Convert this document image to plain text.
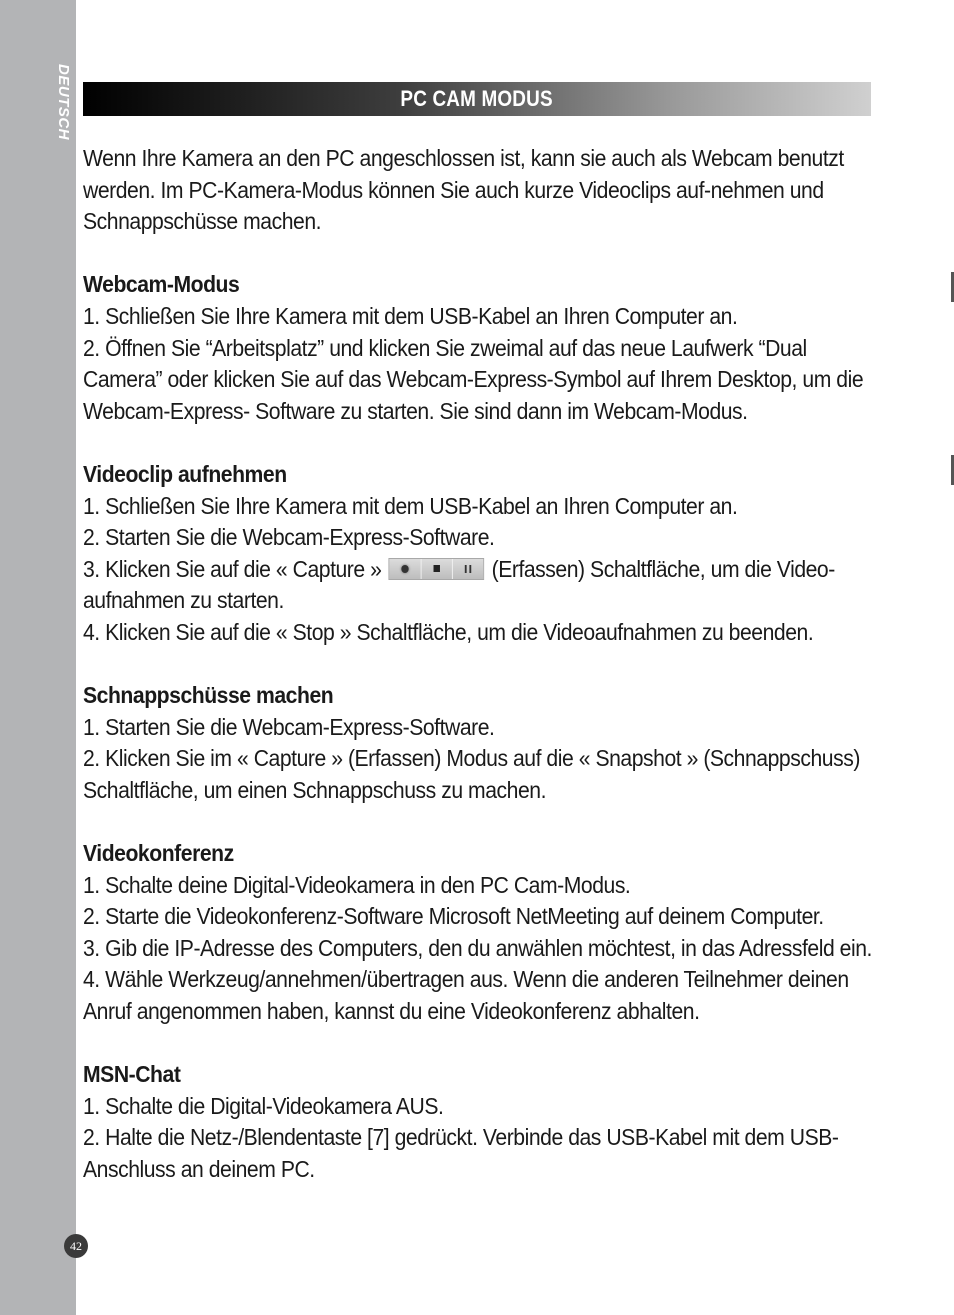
DEUTSCH
42
PC CAM MODUS

Wenn Ihre Kamera an den PC angeschlossen ist, kann sie auch als Webcam benutzt werden. Im PC-Kamera-Modus können Sie auch kurze Videoclips auf-nehmen und Schnappschüsse machen.

Webcam-Modus

1. Schließen Sie Ihre Kamera mit dem USB-Kabel an Ihren Computer an.

2. Öffnen Sie “Arbeitsplatz” und klicken Sie zweimal auf das neue Laufwerk “Dual Camera” oder klicken Sie auf das Webcam-Express-Symbol auf Ihrem Desktop, um die Webcam-Express- Software zu starten. Sie sind dann im Webcam-Modus.

Videoclip aufnehmen

1. Schließen Sie Ihre Kamera mit dem USB-Kabel an Ihren Computer an.

2. Starten Sie die Webcam-Express-Software.

3. Klicken Sie auf die « Capture »	(Erfassen) Schaltfläche, um die Video-aufnahmen zu starten.

4. Klicken Sie auf die « Stop » Schaltfläche, um die Videoaufnahmen zu beenden.

Schnappschüsse machen

1. Starten Sie die Webcam-Express-Software.

2. Klicken Sie im « Capture » (Erfassen) Modus auf die « Snapshot » (Schnappschuss) Schaltfläche, um einen Schnappschuss zu machen.

Videokonferenz

1. Schalte deine Digital-Videokamera in den PC Cam-Modus.

2. Starte die Videokonferenz-Software Microsoft NetMeeting auf deinem Computer.

3. Gib die IP-Adresse des Computers, den du anwählen möchtest, in das Adressfeld ein.

4. Wähle Werkzeug/annehmen/übertragen aus. Wenn die anderen Teilnehmer deinen Anruf angenommen haben, kannst du eine Videokonferenz abhalten.

MSN-Chat

1. Schalte die Digital-Videokamera AUS.

2. Halte die Netz-/Blendentaste [7] gedrückt. Verbinde das USB-Kabel mit dem USB-Anschluss an deinem PC.
